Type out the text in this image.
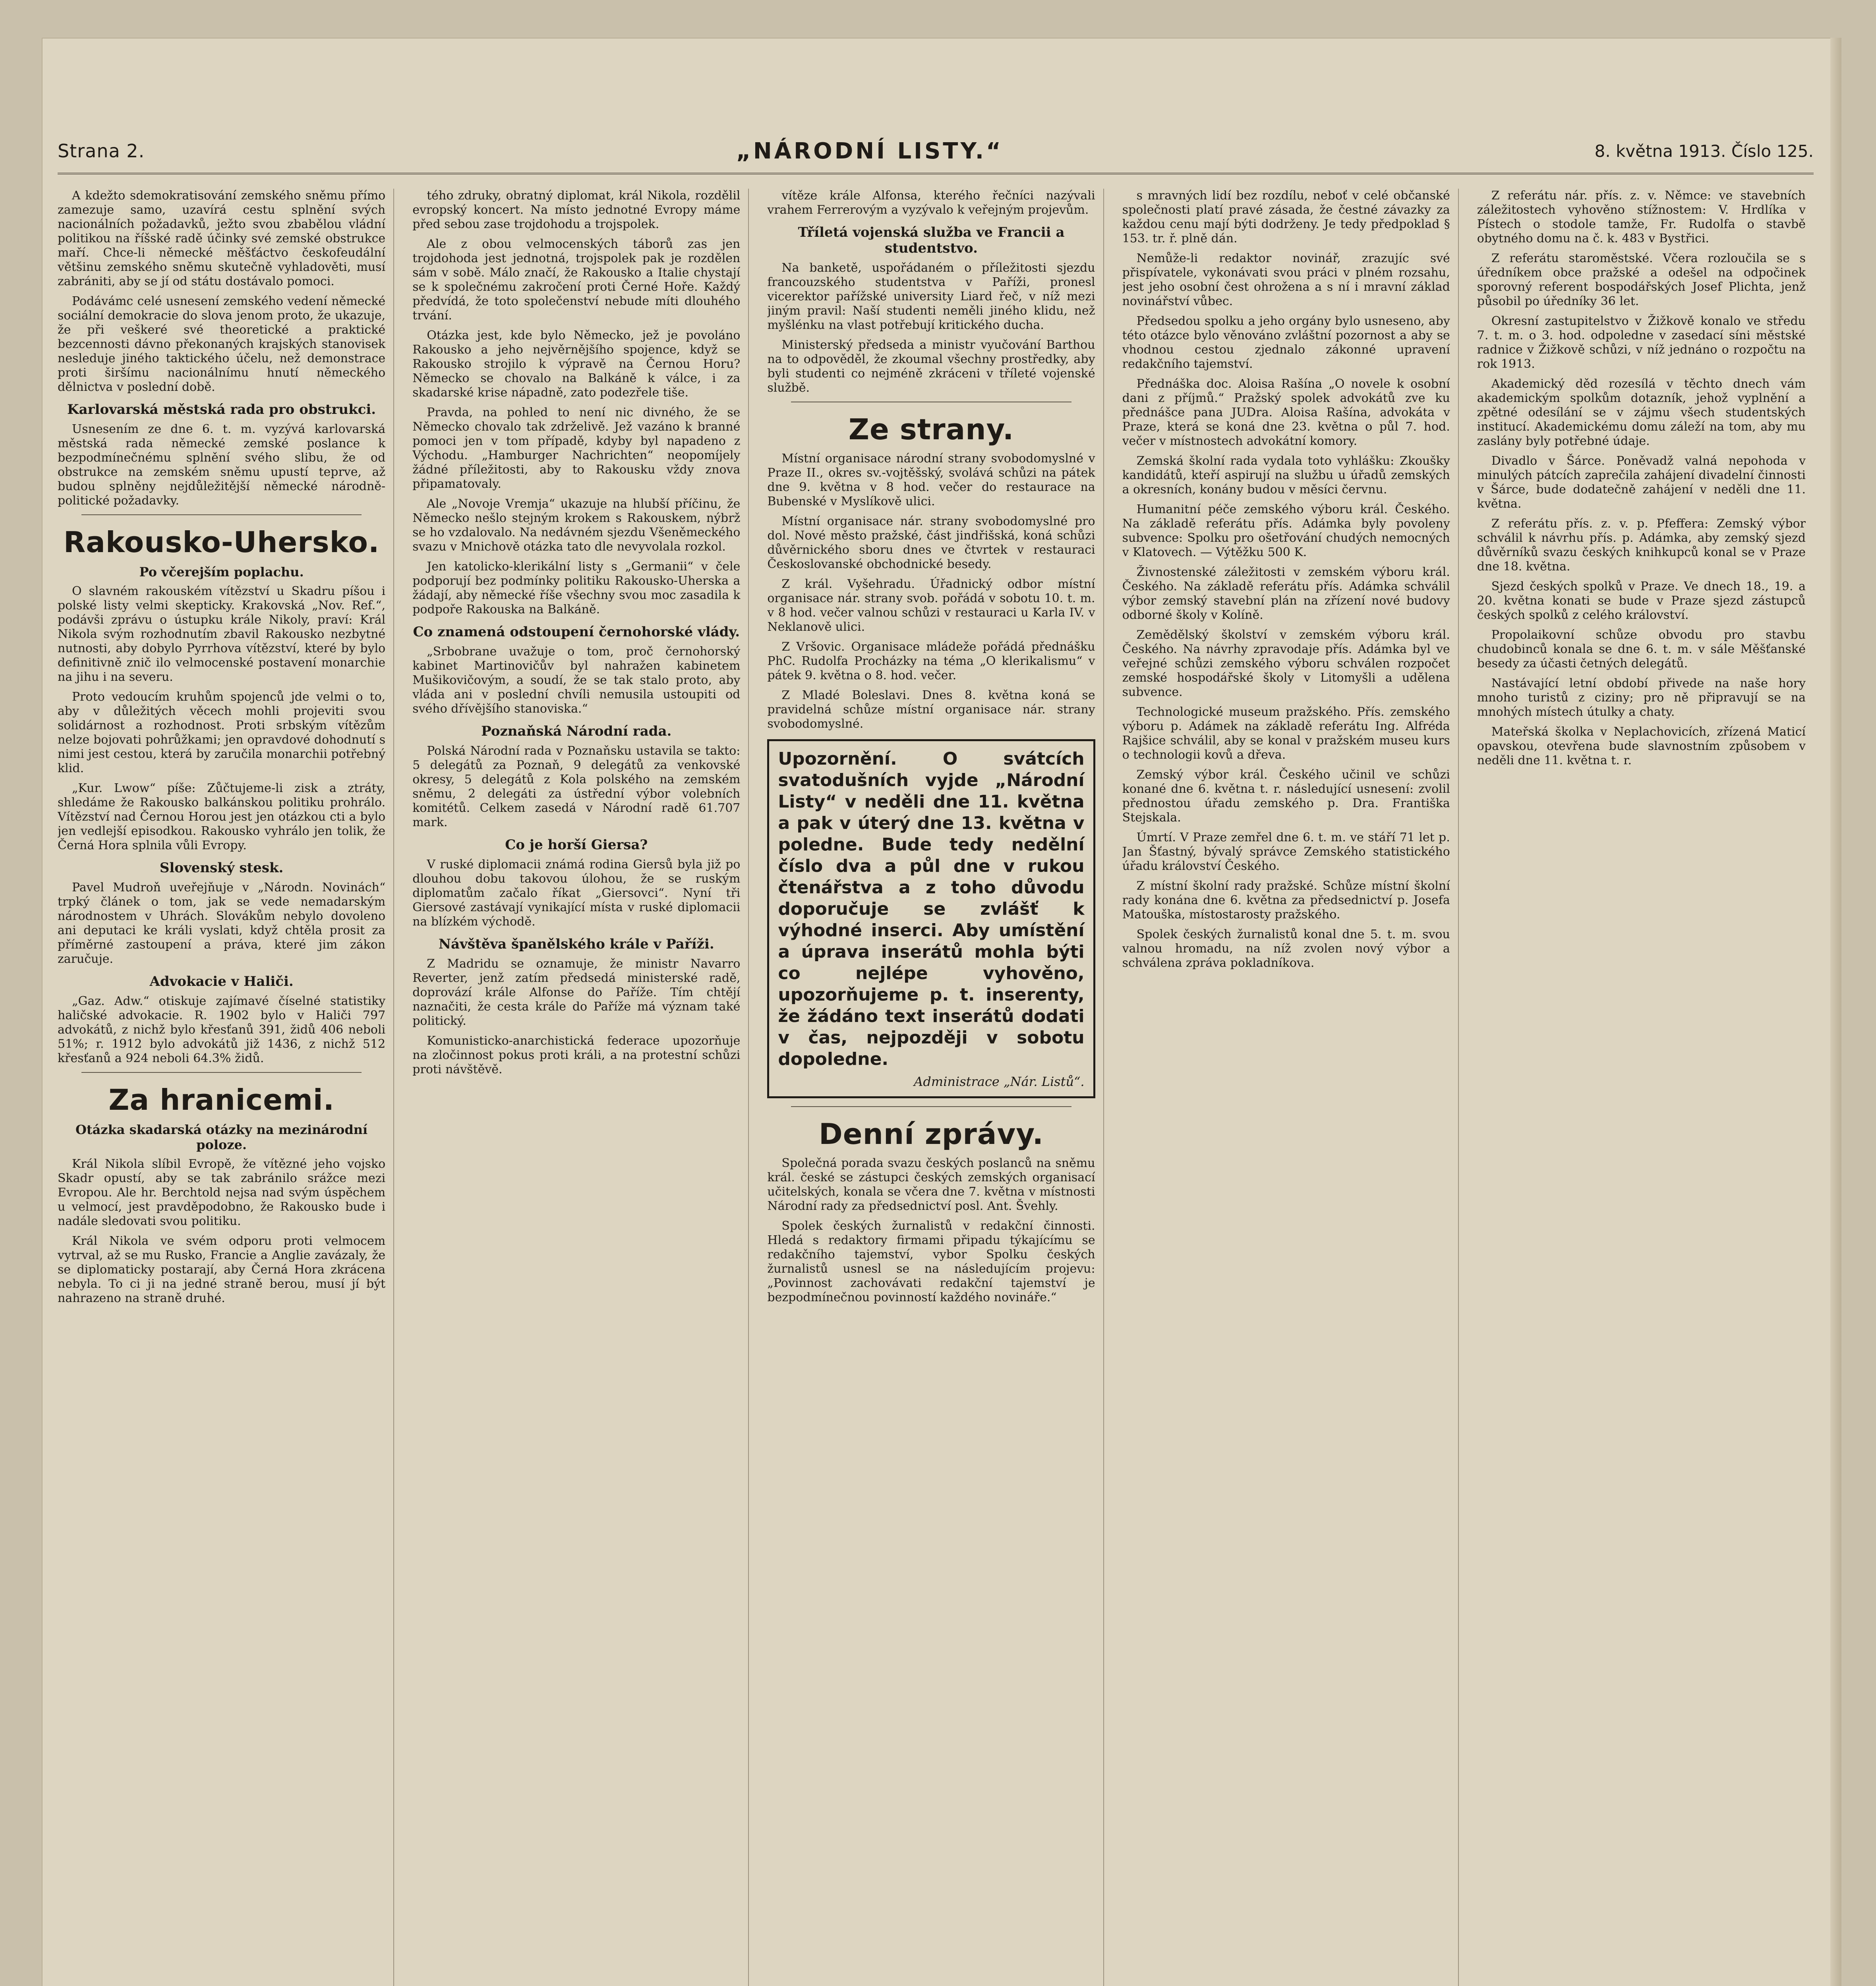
Strana 2.	„NÁRODNÍ LISTY.“	8. května 1913. Číslo 125.
A kdežto sdemokratisování zemského sněmu přímo zamezuje samo, uzavírá cestu splnění svých nacionálních požadavků, ježto svou zbabělou vládní politikou na říšské radě účinky své zemské obstrukce maří. Chce-li německé měšťáctvo českofeudální většinu zemského sněmu skutečně vyhladověti, musí zabrániti, aby se jí od státu dostávalo pomoci.
Podávámc celé usnesení zemského vedení německé sociální demokracie do slova jenom proto, že ukazuje, že při veškeré své theoretické a praktické bezcennosti dávno překonaných krajských stanovisek nesleduje jiného taktického účelu, než demonstrace proti širšímu nacionálnímu hnutí německého dělnictva v poslední době.
Karlovarská městská rada pro obstrukci.
Usnesením ze dne 6. t. m. vyzývá karlovarská městská rada německé zemské poslance k bezpodmínečnému splnění svého slibu, že od obstrukce na zemském sněmu upustí teprve, až budou splněny nejdůležitější německé národně-politické požadavky.
Rakousko-Uhersko.
Po včerejším poplachu.
O slavném rakouském vítězství u Skadru píšou i polské listy velmi skepticky. Krakovská „Nov. Ref.“, podávši zprávu o ústupku krále Nikoly, praví: Král Nikola svým rozhodnutím zbavil Rakousko nezbytné nutnosti, aby dobylo Pyrrhova vítězství, které by bylo definitivně znič ilo velmocenské postavení monarchie na jihu i na severu.
Proto vedoucím kruhům spojenců jde velmi o to, aby v důležitých věcech mohli projeviti svou solidárnost a rozhodnost. Proti srbským vítězům nelze bojovati pohrůžkami; jen opravdové dohodnutí s nimi jest cestou, která by zaručila monarchii potřebný klid.
„Kur. Lwow“ píše: Zůčtujeme-li zisk a ztráty, shledáme že Rakousko balkánskou politiku prohrálo. Vítězství nad Černou Horou jest jen otázkou cti a bylo jen vedlejší episodkou. Rakousko vyhrálo jen tolik, že Černá Hora splnila vůli Evropy.
Slovenský stesk.
Pavel Mudroň uveřejňuje v „Národn. Novinách“ trpký článek o tom, jak se vede nemadarským národnostem v Uhrách. Slovákům nebylo dovoleno ani deputaci ke králi vyslati, když chtěla prosit za příměrné zastoupení a práva, které jim zákon zaručuje.
Advokacie v Haliči.
„Gaz. Adw.“ otiskuje zajímavé číselné statistiky haličské advokacie. R. 1902 bylo v Haliči 797 advokátů, z nichž bylo křesťanů 391, židů 406 neboli 51%; r. 1912 bylo advokátů již 1436, z nichž 512 křesťanů a 924 neboli 64.3% židů.
Za hranicemi.
Otázka skadarská otázky na mezinárodní poloze.
Král Nikola slíbil Evropě, že vítězné jeho vojsko Skadr opustí, aby se tak zabránilo srážce mezi Evropou. Ale hr. Berchtold nejsa nad svým úspěchem u velmocí, jest pravděpodobno, že Rakousko bude i nadále sledovati svou politiku.
Král Nikola ve svém odporu proti velmocem vytrval, až se mu Rusko, Francie a Anglie zavázaly, že se diplomaticky postarají, aby Černá Hora zkrácena nebyla. To ci ji na jedné straně berou, musí jí být nahrazeno na straně druhé.
tého zdruky, obratný diplomat, král Nikola, rozdělil evropský koncert. Na místo jednotné Evropy máme před sebou zase trojdohodu a trojspolek.
Ale z obou velmocenských táborů zas jen trojdohoda jest jednotná, trojspolek pak je rozdělen sám v sobě. Málo značí, že Rakousko a Italie chystají se k společnému zakročení proti Černé Hoře. Každý předvídá, že toto společenství nebude míti dlouhého trvání.
Otázka jest, kde bylo Německo, jež je povoláno Rakousko a jeho nejvěrnějšího spojence, když se Rakousko strojilo k výpravě na Černou Horu? Německo se chovalo na Balkáně k válce, i za skadarské krise nápadně, zato podezřele tiše.
Pravda, na pohled to není nic divného, že se Německo chovalo tak zdrželivě. Jež vazáno k branné pomoci jen v tom případě, kdyby byl napadeno z Východu. „Hamburger Nachrichten“ neopomíjely žádné příležitosti, aby to Rakousku vždy znova připamatovaly.
Ale „Novoje Vremja“ ukazuje na hlubší příčinu, že Německo nešlo stejným krokem s Rakouskem, nýbrž se ho vzdalovalo. Na nedávném sjezdu Všeněmeckého svazu v Mnichově otázka tato dle nevyvolala rozkol.
Jen katolicko-klerikální listy s „Germanii“ v čele podporují bez podmínky politiku Rakousko-Uherska a žádají, aby německé říše všechny svou moc zasadila k podpoře Rakouska na Balkáně.
Co znamená odstoupení černohorské vlády.
„Srbobrane uvažuje o tom, proč černohorský kabinet Martinovičův byl nahražen kabinetem Mušikovičovým, a soudí, že se tak stalo proto, aby vláda ani v poslední chvíli nemusila ustoupiti od svého dřívějšího stanoviska.“
Poznaňská Národní rada.
Polská Národní rada v Poznaňsku ustavila se takto: 5 delegátů za Poznaň, 9 delegátů za venkovské okresy, 5 delegátů z Kola polského na zemském sněmu, 2 delegáti za ústřední výbor volebních komitétů. Celkem zasedá v Národní radě 61.707 mark.
Co je horší Giersa?
V ruské diplomacii známá rodina Giersů byla již po dlouhou dobu takovou úlohou, že se ruským diplomatům začalo říkat „Giersovci“. Nyní tři Giersové zastávají vynikající místa v ruské diplomacii na blízkém východě.
Návštěva španělského krále v Paříži.
Z Madridu se oznamuje, že ministr Navarro Reverter, jenž zatím předsedá ministerské radě, doprovází krále Alfonse do Paříže. Tím chtějí naznačiti, že cesta krále do Paříže má význam také politický.
Komunisticko-anarchistická federace upozorňuje na zločinnost pokus proti králi, a na protestní schůzi proti návštěvě.
vítěze krále Alfonsa, kterého řečníci nazývali vrahem Ferrerovým a vyzývalo k veřejným projevům.
Tříletá vojenská služba ve Francii a studentstvo.
Na banketě, uspořádaném o příležitosti sjezdu francouzského studentstva v Paříži, pronesl vicerektor pařížské university Liard řeč, v níž mezi jiným pravil: Naší studenti neměli jiného klidu, než myšlénku na vlast potřebují kritického ducha.
Ministerský předseda a ministr vyučování Barthou na to odpověděl, že zkoumal všechny prostředky, aby byli studenti co nejméně zkráceni v tříleté vojenské službě.
Ze strany.
Místní organisace národní strany svobodomyslné v Praze II., okres sv.-vojtěšský, svolává schůzi na pátek dne 9. května v 8 hod. večer do restaurace na Bubenské v Myslíkově ulici.
Místní organisace nár. strany svobodomyslné pro dol. Nové město pražské, část jindřišská, koná schůzi důvěrnického sboru dnes ve čtvrtek v restauraci Českoslovanské obchodnické besedy.
Z král. Vyšehradu. Úřadnický odbor místní organisace nár. strany svob. pořádá v sobotu 10. t. m. v 8 hod. večer valnou schůzi v restauraci u Karla IV. v Neklanově ulici.
Z Vršovic. Organisace mládeže pořádá přednášku PhC. Rudolfa Procházky na téma „O klerikalismu“ v pátek 9. května o 8. hod. večer.
Z Mladé Boleslavi. Dnes 8. května koná se pravidelná schůze místní organisace nár. strany svobodomyslné.
Upozornění. O svátcích svatodušních vyjde „Národní Listy“ v neděli dne 11. května a pak v úterý dne 13. května v poledne. Bude tedy nedělní číslo dva a půl dne v rukou čtenářstva a z toho důvodu doporučuje se zvlášť k výhodné inserci. Aby umístění a úprava inserátů mohla býti co nejlépe vyhověno, upozorňujeme p. t. inserenty, že žádáno text inserátů dodati v čas, nejpozději v sobotu dopoledne.
Administrace „Nár. Listů“.
Denní zprávy.
Společná porada svazu českých poslanců na sněmu král. české se zástupci českých zemských organisací učitelských, konala se včera dne 7. května v místnosti Národní rady za předsednictví posl. Ant. Švehly.
Spolek českých žurnalistů v redakční činnosti. Hledá s redaktory firmami připadu týkajícímu se redakčního tajemství, vybor Spolku českých žurnalistů usnesl se na následujícím projevu: „Povinnost zachovávati redakční tajemství je bezpodmínečnou povinností každého novináře.“
s mravných lidí bez rozdílu, neboť v celé občanské společnosti platí pravé zásada, že čestné závazky za každou cenu mají býti dodrženy. Je tedy předpoklad § 153. tr. ř. plně dán.
Nemůže-li redaktor novinář, zrazujíc své přispívatele, vykonávati svou práci v plném rozsahu, jest jeho osobní čest ohrožena a s ní i mravní základ novinářství vůbec.
Předsedou spolku a jeho orgány bylo usneseno, aby této otázce bylo věnováno zvláštní pozornost a aby se vhodnou cestou zjednalo zákonné upravení redakčního tajemství.
Přednáška doc. Aloisa Rašína „O novele k osobní dani z příjmů.“ Pražský spolek advokátů zve ku přednášce pana JUDra. Aloisa Rašína, advokáta v Praze, která se koná dne 23. května o půl 7. hod. večer v místnostech advokátní komory.
Zemská školní rada vydala toto vyhlášku: Zkoušky kandidátů, kteří aspirují na službu u úřadů zemských a okresních, konány budou v měsíci červnu.
Humanitní péče zemského výboru král. Českého. Na základě referátu přís. Adámka byly povoleny subvence: Spolku pro ošetřování chudých nemocných v Klatovech. — Výtěžku 500 K.
Živnostenské záležitosti v zemském výboru král. Českého. Na základě referátu přís. Adámka schválil výbor zemský stavební plán na zřízení nové budovy odborné školy v Kolíně.
Zemědělský školství v zemském výboru král. Českého. Na návrhy zpravodaje přís. Adámka byl ve veřejné schůzi zemského výboru schválen rozpočet zemské hospodářské školy v Litomyšli a udělena subvence.
Technologické museum pražského. Přís. zemského výboru p. Adámek na základě referátu Ing. Alfréda Rajšice schválil, aby se konal v pražském museu kurs o technologii kovů a dřeva.
Zemský výbor král. Českého učinil ve schůzi konané dne 6. května t. r. následující usnesení: zvolil přednostou úřadu zemského p. Dra. Františka Stejskala.
Úmrtí. V Praze zemřel dne 6. t. m. ve stáří 71 let p. Jan Šťastný, bývalý správce Zemského statistického úřadu království Českého.
Z místní školní rady pražské. Schůze místní školní rady konána dne 6. května za předsednictví p. Josefa Matouška, místostarosty pražského.
Spolek českých žurnalistů konal dne 5. t. m. svou valnou hromadu, na níž zvolen nový výbor a schválena zpráva pokladníkova.
Z referátu nár. přís. z. v. Němce: ve stavebních záležitostech vyhověno stížnostem: V. Hrdlíka v Pístech o stodole tamže, Fr. Rudolfa o stavbě obytného domu na č. k. 483 v Bystřici.
Z referátu staroměstské. Včera rozloučila se s úředníkem obce pražské a odešel na odpočinek sporovný referent bospodářských Josef Plichta, jenž působil po úředníky 36 let.
Okresní zastupitelstvo v Žižkově konalo ve středu 7. t. m. o 3. hod. odpoledne v zasedací síni městské radnice v Žižkově schůzi, v níž jednáno o rozpočtu na rok 1913.
Akademický děd rozesílá v těchto dnech vám akademickým spolkům dotazník, jehož vyplnění a zpětné odesílání se v zájmu všech studentských institucí. Akademickému domu záleží na tom, aby mu zaslány byly potřebné údaje.
Divadlo v Šárce. Poněvadž valná nepohoda v minulých pátcích zaprečila zahájení divadelní činnosti v Šárce, bude dodatečně zahájení v neděli dne 11. května.
Z referátu přís. z. v. p. Pfeffera: Zemský výbor schválil k návrhu přís. p. Adámka, aby zemský sjezd důvěrníků svazu českých knihkupců konal se v Praze dne 18. května.
Sjezd českých spolků v Praze. Ve dnech 18., 19. a 20. května konati se bude v Praze sjezd zástupců českých spolků z celého království.
Propolaikovní schůze obvodu pro stavbu chudobinců konala se dne 6. t. m. v sále Měšťanské besedy za účasti četných delegátů.
Nastávající letní období přivede na naše hory mnoho turistů z ciziny; pro ně připravují se na mnohých místech útulky a chaty.
Mateřská školka v Neplachovicích, zřízená Maticí opavskou, otevřena bude slavnostním způsobem v neděli dne 11. května t. r.
